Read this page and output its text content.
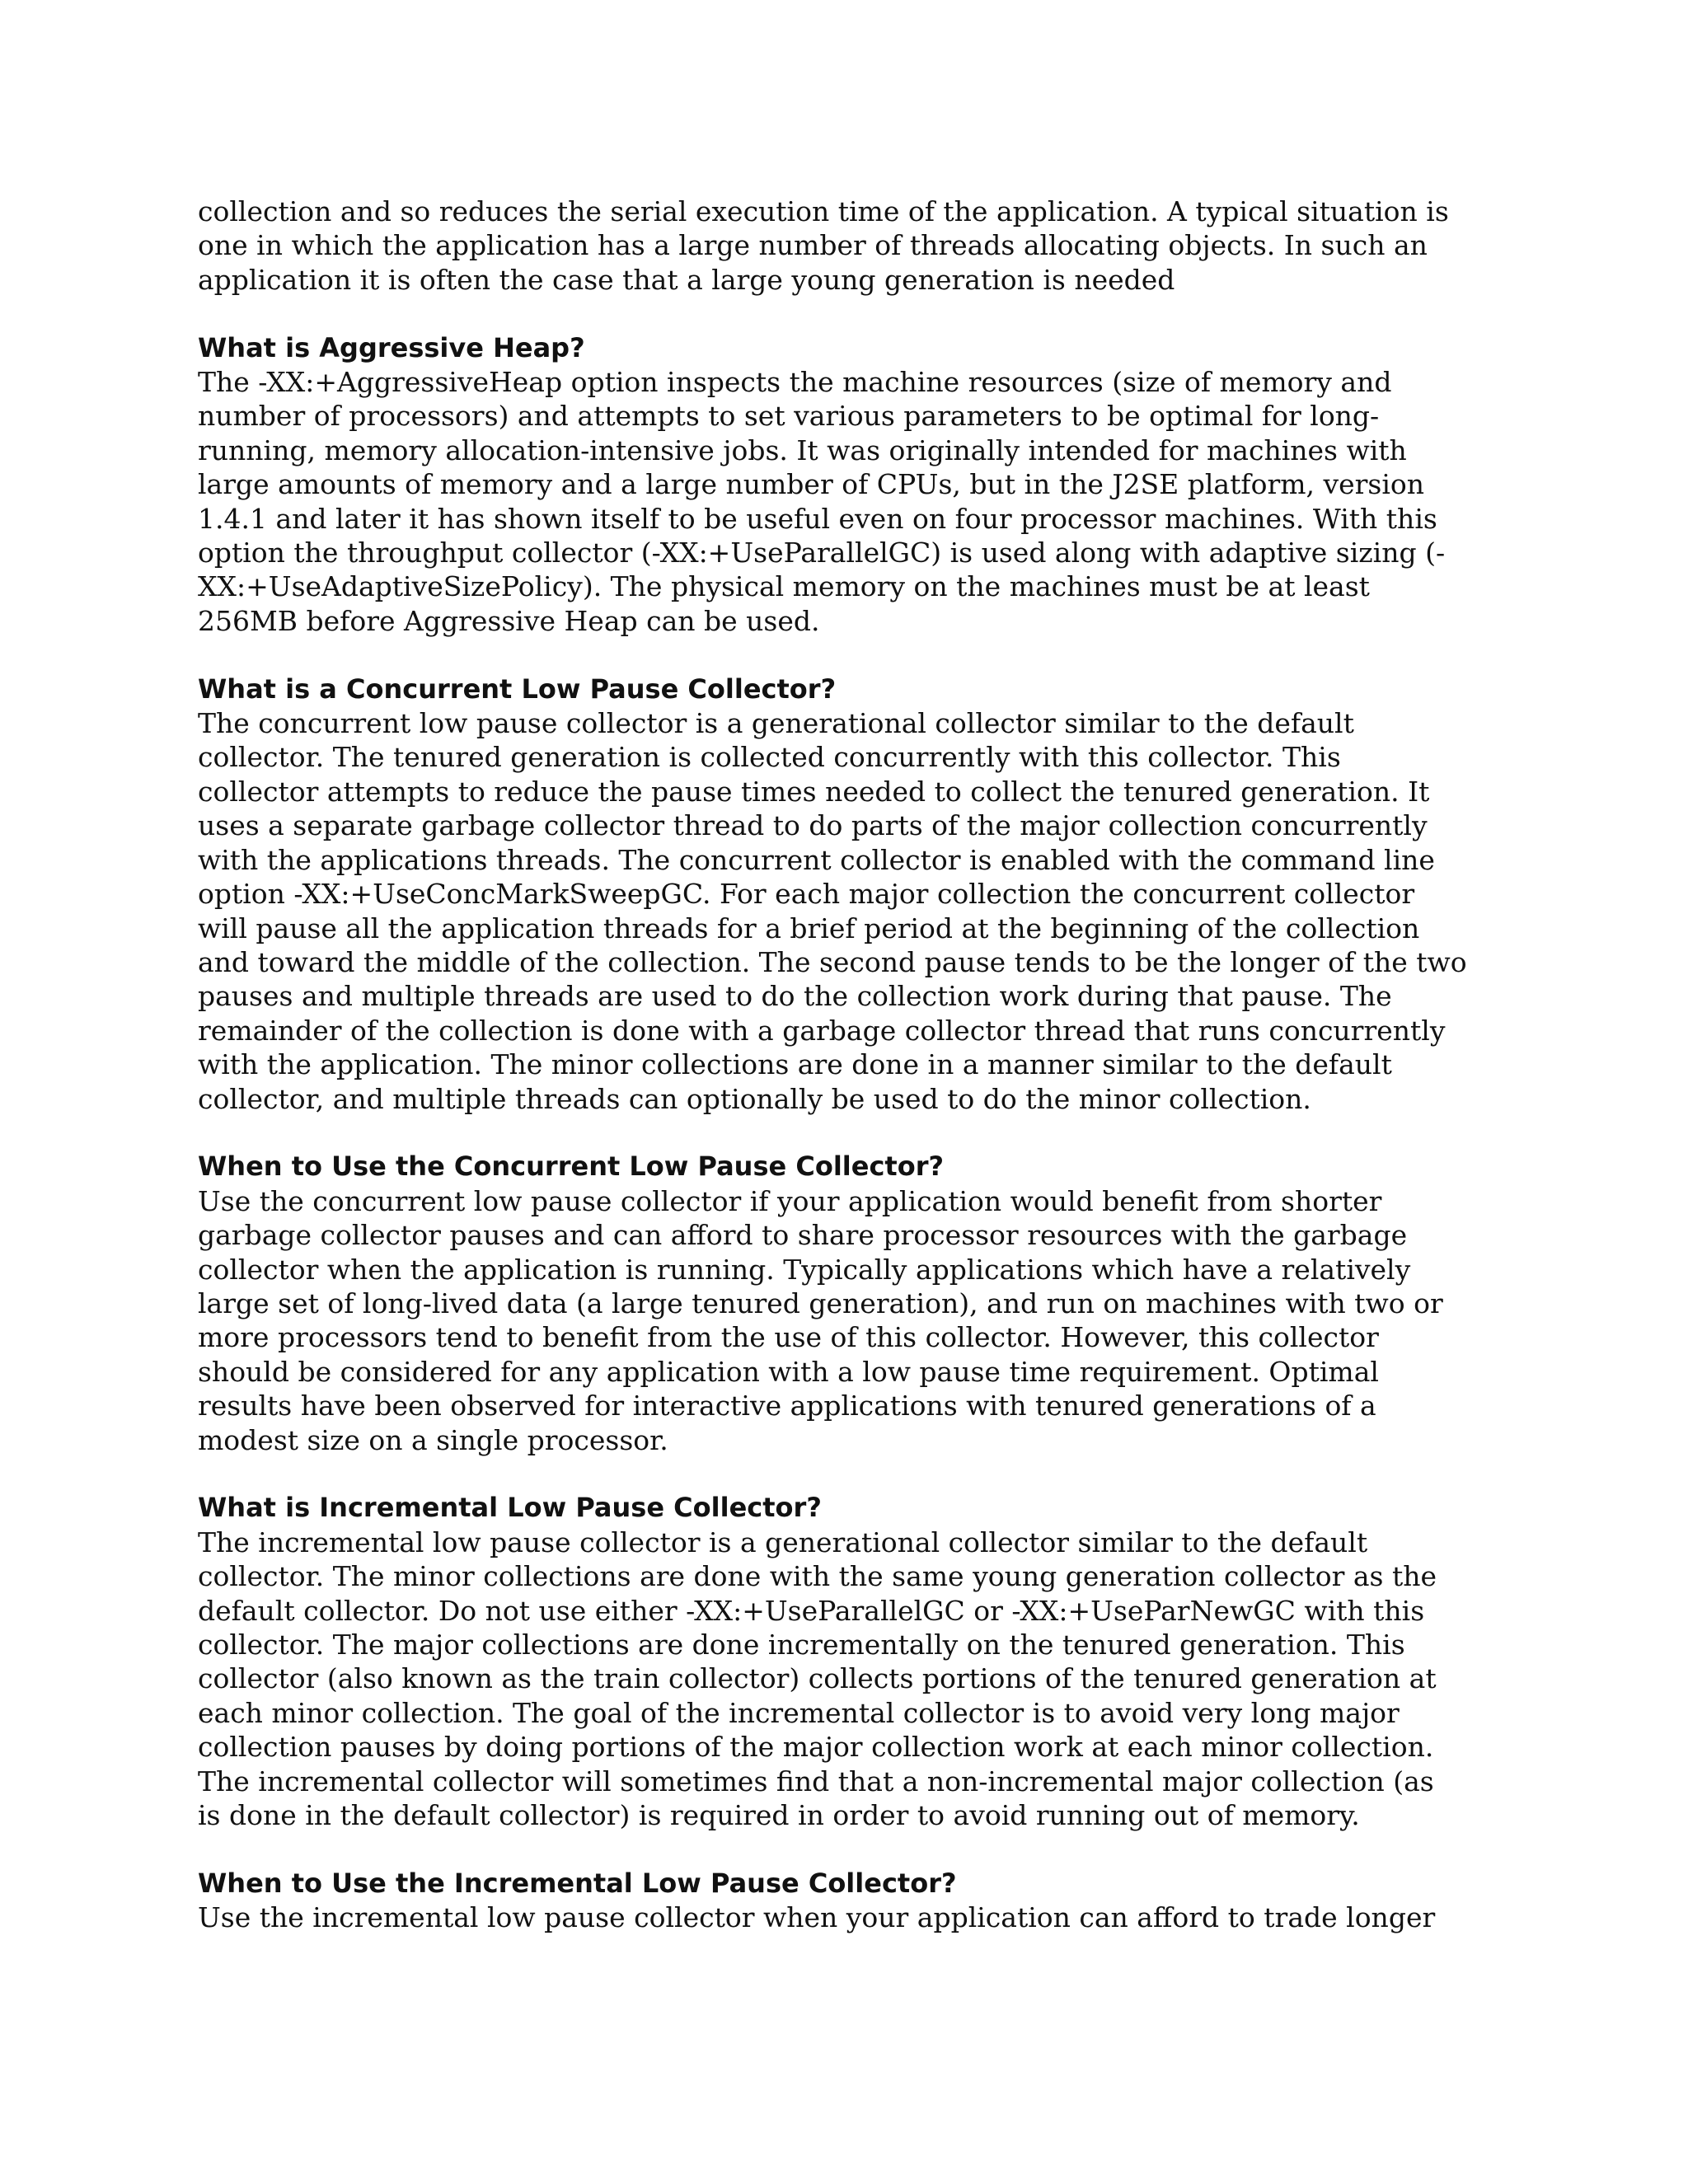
collection and so reduces the serial execution time of the application. A typical situation is
one in which the application has a large number of threads allocating objects. In such an
application it is often the case that a large young generation is needed

What is Aggressive Heap?

The -XX:+AggressiveHeap option inspects the machine resources (size of memory and
number of processors) and attempts to set various parameters to be optimal for long-
running, memory allocation-intensive jobs. It was originally intended for machines with
large amounts of memory and a large number of CPUs, but in the J2SE platform, version
1.4.1 and later it has shown itself to be useful even on four processor machines. With this
option the throughput collector (-XX:+UseParallelGC) is used along with adaptive sizing (-
XX:+UseAdaptiveSizePolicy). The physical memory on the machines must be at least
256MB before Aggressive Heap can be used.

What is a Concurrent Low Pause Collector?

The concurrent low pause collector is a generational collector similar to the default
collector. The tenured generation is collected concurrently with this collector. This
collector attempts to reduce the pause times needed to collect the tenured generation. It
uses a separate garbage collector thread to do parts of the major collection concurrently
with the applications threads. The concurrent collector is enabled with the command line
option -XX:+UseConcMarkSweepGC. For each major collection the concurrent collector
will pause all the application threads for a brief period at the beginning of the collection
and toward the middle of the collection. The second pause tends to be the longer of the two
pauses and multiple threads are used to do the collection work during that pause. The
remainder of the collection is done with a garbage collector thread that runs concurrently
with the application. The minor collections are done in a manner similar to the default
collector, and multiple threads can optionally be used to do the minor collection.

When to Use the Concurrent Low Pause Collector?

Use the concurrent low pause collector if your application would benefit from shorter
garbage collector pauses and can afford to share processor resources with the garbage
collector when the application is running. Typically applications which have a relatively
large set of long-lived data (a large tenured generation), and run on machines with two or
more processors tend to benefit from the use of this collector. However, this collector
should be considered for any application with a low pause time requirement. Optimal
results have been observed for interactive applications with tenured generations of a
modest size on a single processor.

What is Incremental Low Pause Collector?

The incremental low pause collector is a generational collector similar to the default
collector. The minor collections are done with the same young generation collector as the
default collector. Do not use either -XX:+UseParallelGC or -XX:+UseParNewGC with this
collector. The major collections are done incrementally on the tenured generation. This
collector (also known as the train collector) collects portions of the tenured generation at
each minor collection. The goal of the incremental collector is to avoid very long major
collection pauses by doing portions of the major collection work at each minor collection.
The incremental collector will sometimes find that a non-incremental major collection (as
is done in the default collector) is required in order to avoid running out of memory.

When to Use the Incremental Low Pause Collector?

Use the incremental low pause collector when your application can afford to trade longer
